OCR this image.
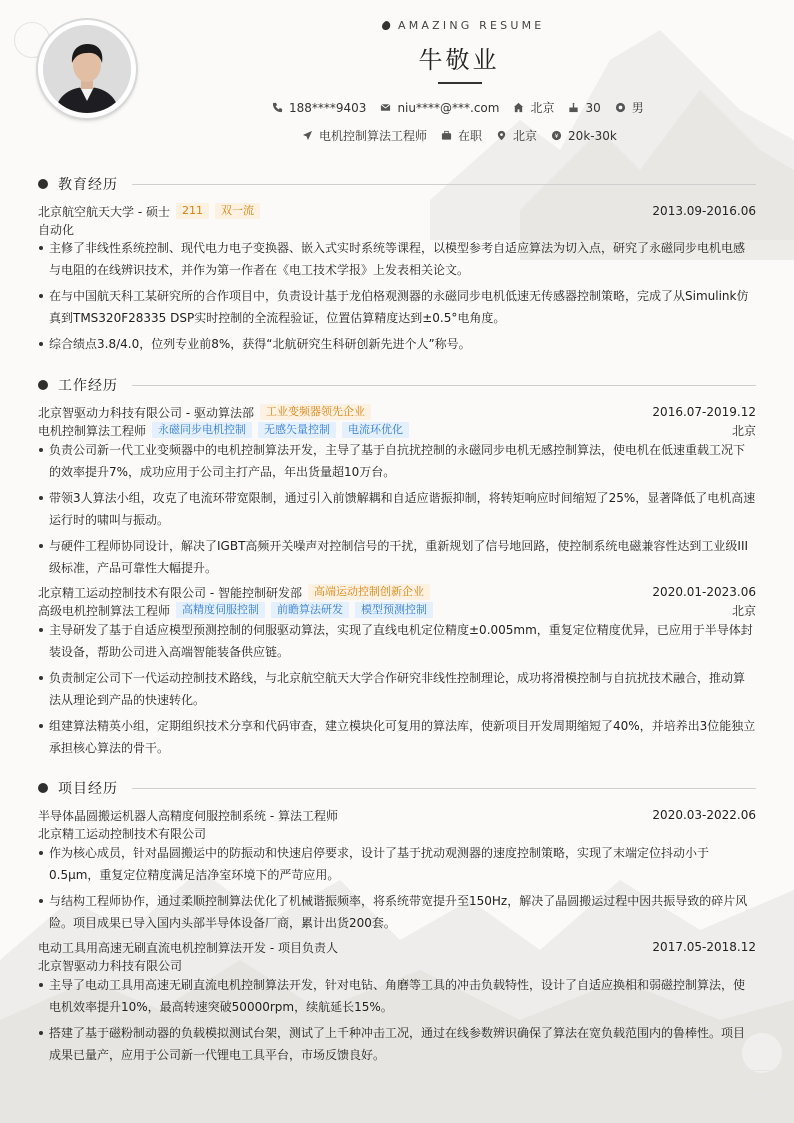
AMAZING RESUME
牛敬业
188****9403	niu****@***.com	北京	30	男
电机控制算法工程师	在职	北京 ¥ 20k-30k
教育经历
北京航空航天大学 - 硕士	211	双一流	2013.09-2016.06
自动化
主修了非线性系统控制、现代电力电子变换器、嵌入式实时系统等课程，以模型参考自适应算法为切入点，研究了永磁同步电机电感与电阻的在线辨识技术，并作为第一作者在《电工技术学报》上发表相关论文。
在与中国航天科工某研究所的合作项目中，负责设计基于龙伯格观测器的永磁同步电机低速无传感器控制策略，完成了从Simulink仿真到TMS320F28335 DSP实时控制的全流程验证，位置估算精度达到±0.5°电角度。
综合绩点3.8/4.0，位列专业前8%，获得“北航研究生科研创新先进个人”称号。
工作经历
北京智驱动力科技有限公司 - 驱动算法部	工业变频器领先企业	2016.07-2019.12
电机控制算法工程师	永磁同步电机控制	无感矢量控制	电流环优化	北京
负责公司新一代工业变频器中的电机控制算法开发，主导了基于自抗扰控制的永磁同步电机无感控制算法，使电机在低速重载工况下的效率提升7%，成功应用于公司主打产品，年出货量超10万台。
带领3人算法小组，攻克了电流环带宽限制，通过引入前馈解耦和自适应谐振抑制，将转矩响应时间缩短了25%，显著降低了电机高速运行时的啸叫与振动。
与硬件工程师协同设计，解决了IGBT高频开关噪声对控制信号的干扰，重新规划了信号地回路，使控制系统电磁兼容性达到工业级III级标准，产品可靠性大幅提升。
北京精工运动控制技术有限公司 - 智能控制研发部	高端运动控制创新企业	2020.01-2023.06
高级电机控制算法工程师	高精度伺服控制	前瞻算法研发	模型预测控制	北京
主导研发了基于自适应模型预测控制的伺服驱动算法，实现了直线电机定位精度±0.005mm，重复定位精度优异，已应用于半导体封装设备，帮助公司进入高端智能装备供应链。
负责制定公司下一代运动控制技术路线，与北京航空航天大学合作研究非线性控制理论，成功将滑模控制与自抗扰技术融合，推动算法从理论到产品的快速转化。
组建算法精英小组，定期组织技术分享和代码审查，建立模块化可复用的算法库，使新项目开发周期缩短了40%，并培养出3位能独立承担核心算法的骨干。
项目经历
半导体晶圆搬运机器人高精度伺服控制系统 - 算法工程师	2020.03-2022.06
北京精工运动控制技术有限公司
作为核心成员，针对晶圆搬运中的防振动和快速启停要求，设计了基于扰动观测器的速度控制策略，实现了末端定位抖动小于0.5μm，重复定位精度满足洁净室环境下的严苛应用。
与结构工程师协作，通过柔顺控制算法优化了机械谐振频率，将系统带宽提升至150Hz，解决了晶圆搬运过程中因共振导致的碎片风险。项目成果已导入国内头部半导体设备厂商，累计出货200套。
电动工具用高速无刷直流电机控制算法开发 - 项目负责人	2017.05-2018.12
北京智驱动力科技有限公司
主导了电动工具用高速无刷直流电机控制算法开发，针对电钻、角磨等工具的冲击负载特性，设计了自适应换相和弱磁控制算法，使电机效率提升10%，最高转速突破50000rpm，续航延长15%。
搭建了基于磁粉制动器的负载模拟测试台架，测试了上千种冲击工况，通过在线参数辨识确保了算法在宽负载范围内的鲁棒性。项目成果已量产，应用于公司新一代锂电工具平台，市场反馈良好。
